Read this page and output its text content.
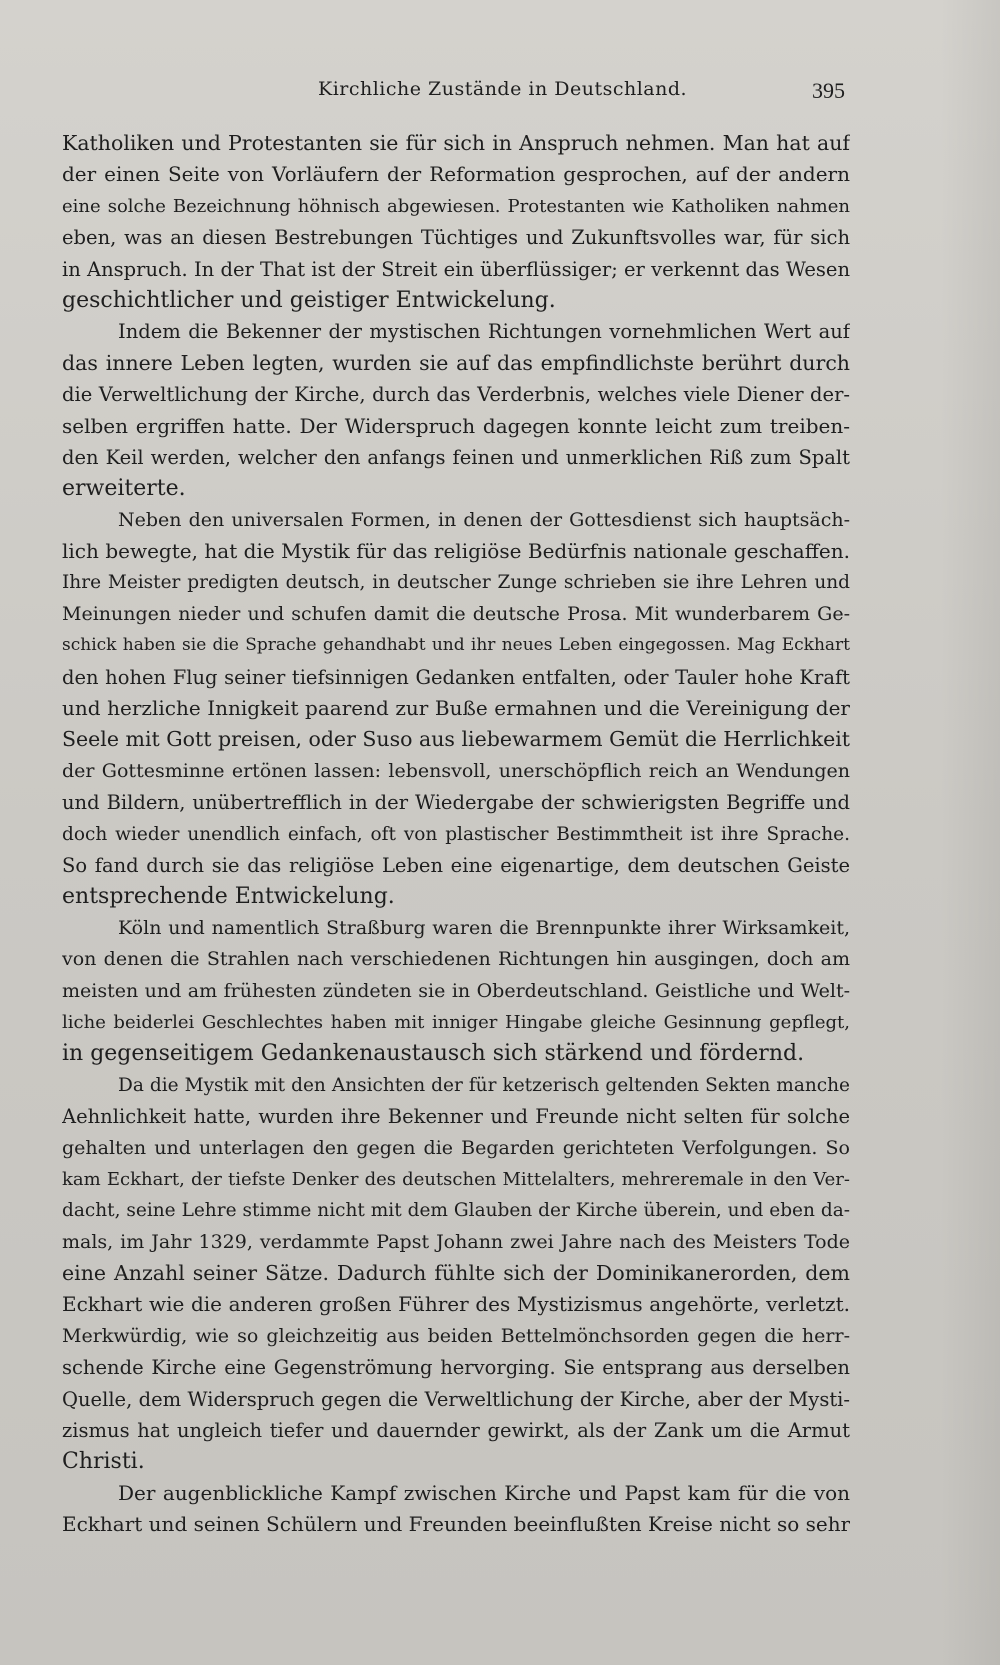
Kirchliche Zustände in Deutschland.	395
Katholiken und Protestanten sie für sich in Anspruch nehmen. Man hat auf
der einen Seite von Vorläufern der Reformation gesprochen, auf der andern
eine solche Bezeichnung höhnisch abgewiesen. Protestanten wie Katholiken nahmen
eben, was an diesen Bestrebungen Tüchtiges und Zukunftsvolles war, für sich
in Anspruch. In der That ist der Streit ein überflüssiger; er verkennt das Wesen
geschichtlicher und geistiger Entwickelung.
Indem die Bekenner der mystischen Richtungen vornehmlichen Wert auf
das innere Leben legten, wurden sie auf das empfindlichste berührt durch
die Verweltlichung der Kirche, durch das Verderbnis, welches viele Diener der-
selben ergriffen hatte. Der Widerspruch dagegen konnte leicht zum treiben-
den Keil werden, welcher den anfangs feinen und unmerklichen Riß zum Spalt
erweiterte.
Neben den universalen Formen, in denen der Gottesdienst sich hauptsäch-
lich bewegte, hat die Mystik für das religiöse Bedürfnis nationale geschaffen.
Ihre Meister predigten deutsch, in deutscher Zunge schrieben sie ihre Lehren und
Meinungen nieder und schufen damit die deutsche Prosa. Mit wunderbarem Ge-
schick haben sie die Sprache gehandhabt und ihr neues Leben eingegossen. Mag Eckhart
den hohen Flug seiner tiefsinnigen Gedanken entfalten, oder Tauler hohe Kraft
und herzliche Innigkeit paarend zur Buße ermahnen und die Vereinigung der
Seele mit Gott preisen, oder Suso aus liebewarmem Gemüt die Herrlichkeit
der Gottesminne ertönen lassen: lebensvoll, unerschöpflich reich an Wendungen
und Bildern, unübertrefflich in der Wiedergabe der schwierigsten Begriffe und
doch wieder unendlich einfach, oft von plastischer Bestimmtheit ist ihre Sprache.
So fand durch sie das religiöse Leben eine eigenartige, dem deutschen Geiste
entsprechende Entwickelung.
Köln und namentlich Straßburg waren die Brennpunkte ihrer Wirksamkeit,
von denen die Strahlen nach verschiedenen Richtungen hin ausgingen, doch am
meisten und am frühesten zündeten sie in Oberdeutschland. Geistliche und Welt-
liche beiderlei Geschlechtes haben mit inniger Hingabe gleiche Gesinnung gepflegt,
in gegenseitigem Gedankenaustausch sich stärkend und fördernd.
Da die Mystik mit den Ansichten der für ketzerisch geltenden Sekten manche
Aehnlichkeit hatte, wurden ihre Bekenner und Freunde nicht selten für solche
gehalten und unterlagen den gegen die Begarden gerichteten Verfolgungen. So
kam Eckhart, der tiefste Denker des deutschen Mittelalters, mehreremale in den Ver-
dacht, seine Lehre stimme nicht mit dem Glauben der Kirche überein, und eben da-
mals, im Jahr 1329, verdammte Papst Johann zwei Jahre nach des Meisters Tode
eine Anzahl seiner Sätze. Dadurch fühlte sich der Dominikanerorden, dem
Eckhart wie die anderen großen Führer des Mystizismus angehörte, verletzt.
Merkwürdig, wie so gleichzeitig aus beiden Bettelmönchsorden gegen die herr-
schende Kirche eine Gegenströmung hervorging. Sie entsprang aus derselben
Quelle, dem Widerspruch gegen die Verweltlichung der Kirche, aber der Mysti-
zismus hat ungleich tiefer und dauernder gewirkt, als der Zank um die Armut
Christi.
Der augenblickliche Kampf zwischen Kirche und Papst kam für die von
Eckhart und seinen Schülern und Freunden beeinflußten Kreise nicht so sehr
